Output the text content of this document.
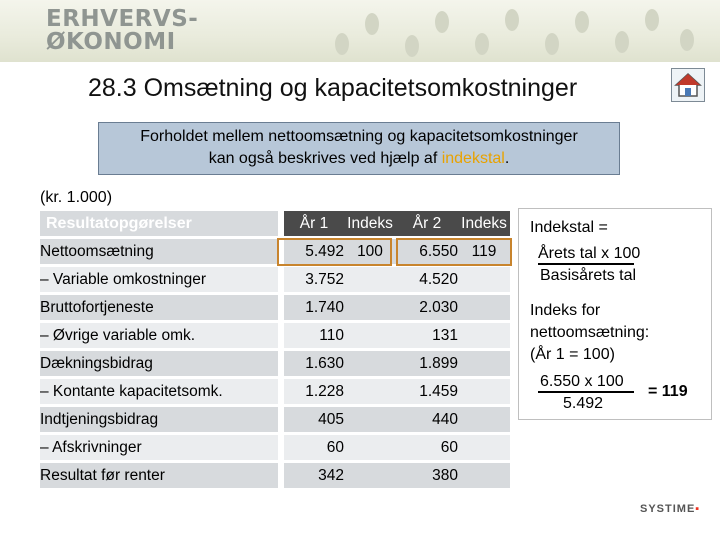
ERHVERVS-
ØKONOMI
28.3 Omsætning og kapacitetsomkostninger
Forholdet mellem nettoomsætning og kapacitetsomkostninger
kan også beskrives ved hjælp af indekstal.
(kr. 1.000)
Resultatopgørelser		År 1	Indeks	År 2	Indeks
Nettoomsætning		5.492	100	6.550	119
– Variable omkostninger		3.752		4.520	
Bruttofortjeneste		1.740		2.030	
– Øvrige variable omk.		110		131	
Dækningsbidrag		1.630		1.899	
– Kontante kapacitetsomk.		1.228		1.459	
Indtjeningsbidrag		405		440	
– Afskrivninger		60		60	
Resultat før renter		342		380	
Indekstal =
Årets tal x 100
Basisårets tal
Indeks for
nettoomsætning:
(År 1 = 100)
6.550 x 100
5.492
= 119
SYSTIME▪
